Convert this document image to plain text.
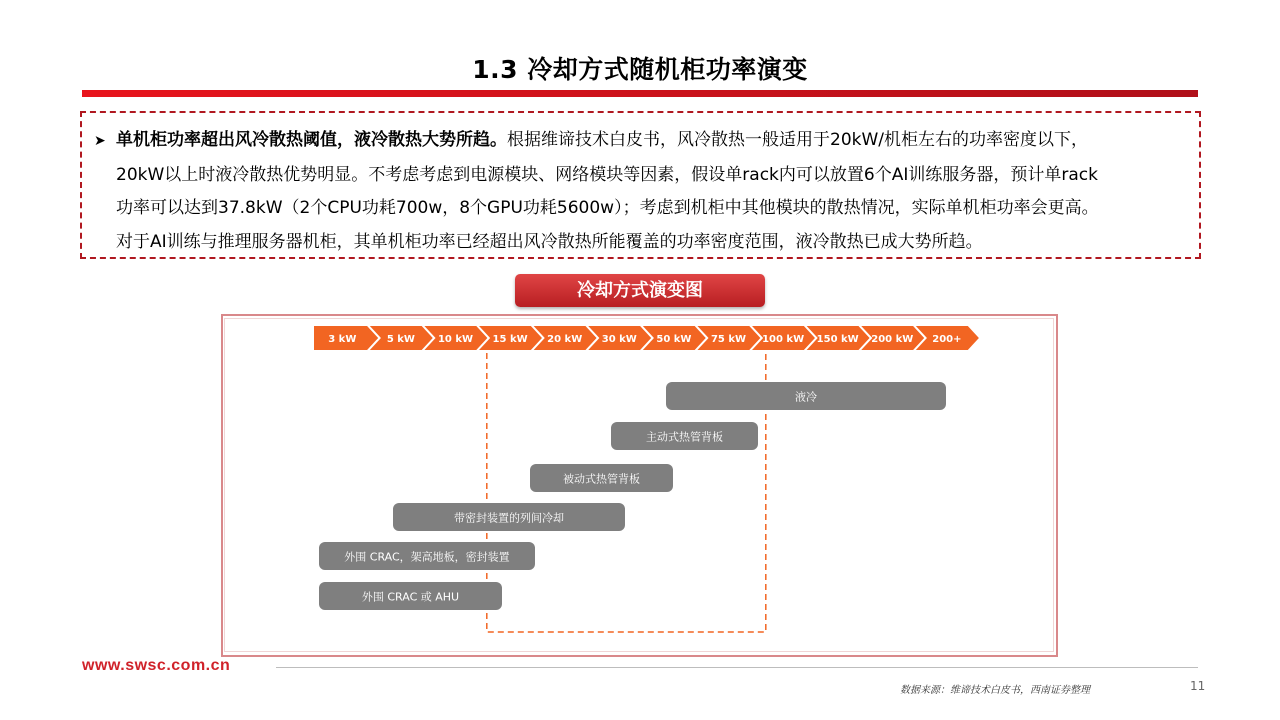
1.3 冷却方式随机柜功率演变

➤ 单机柜功率超出风冷散热阈值，液冷散热大势所趋。根据维谛技术白皮书，风冷散热一般适用于20kW/机柜左右的功率密度以下，

20kW以上时液冷散热优势明显。不考虑考虑到电源模块、网络模块等因素，假设单rack内可以放置6个AI训练服务器，预计单rack

功率可以达到37.8kW（2个CPU功耗700w，8个GPU功耗5600w）；考虑到机柜中其他模块的散热情况，实际单机柜功率会更高。

对于AI训练与推理服务器机柜，其单机柜功率已经超出风冷散热所能覆盖的功率密度范围，液冷散热已成大势所趋。

冷却方式演变图
3 kW	5 kW 10 kW 15 kW 20 kW 30 kW 50 kW 75 kW 100 kW 150 kW 200 kW 200+
液冷
主动式热管背板
被动式热管背板
带密封装置的列间冷却
外围 CRAC，架高地板，密封装置
外围 CRAC 或 AHU
www.swsc.com.cn
数据来源：维谛技术白皮书，西南证券整理	11
